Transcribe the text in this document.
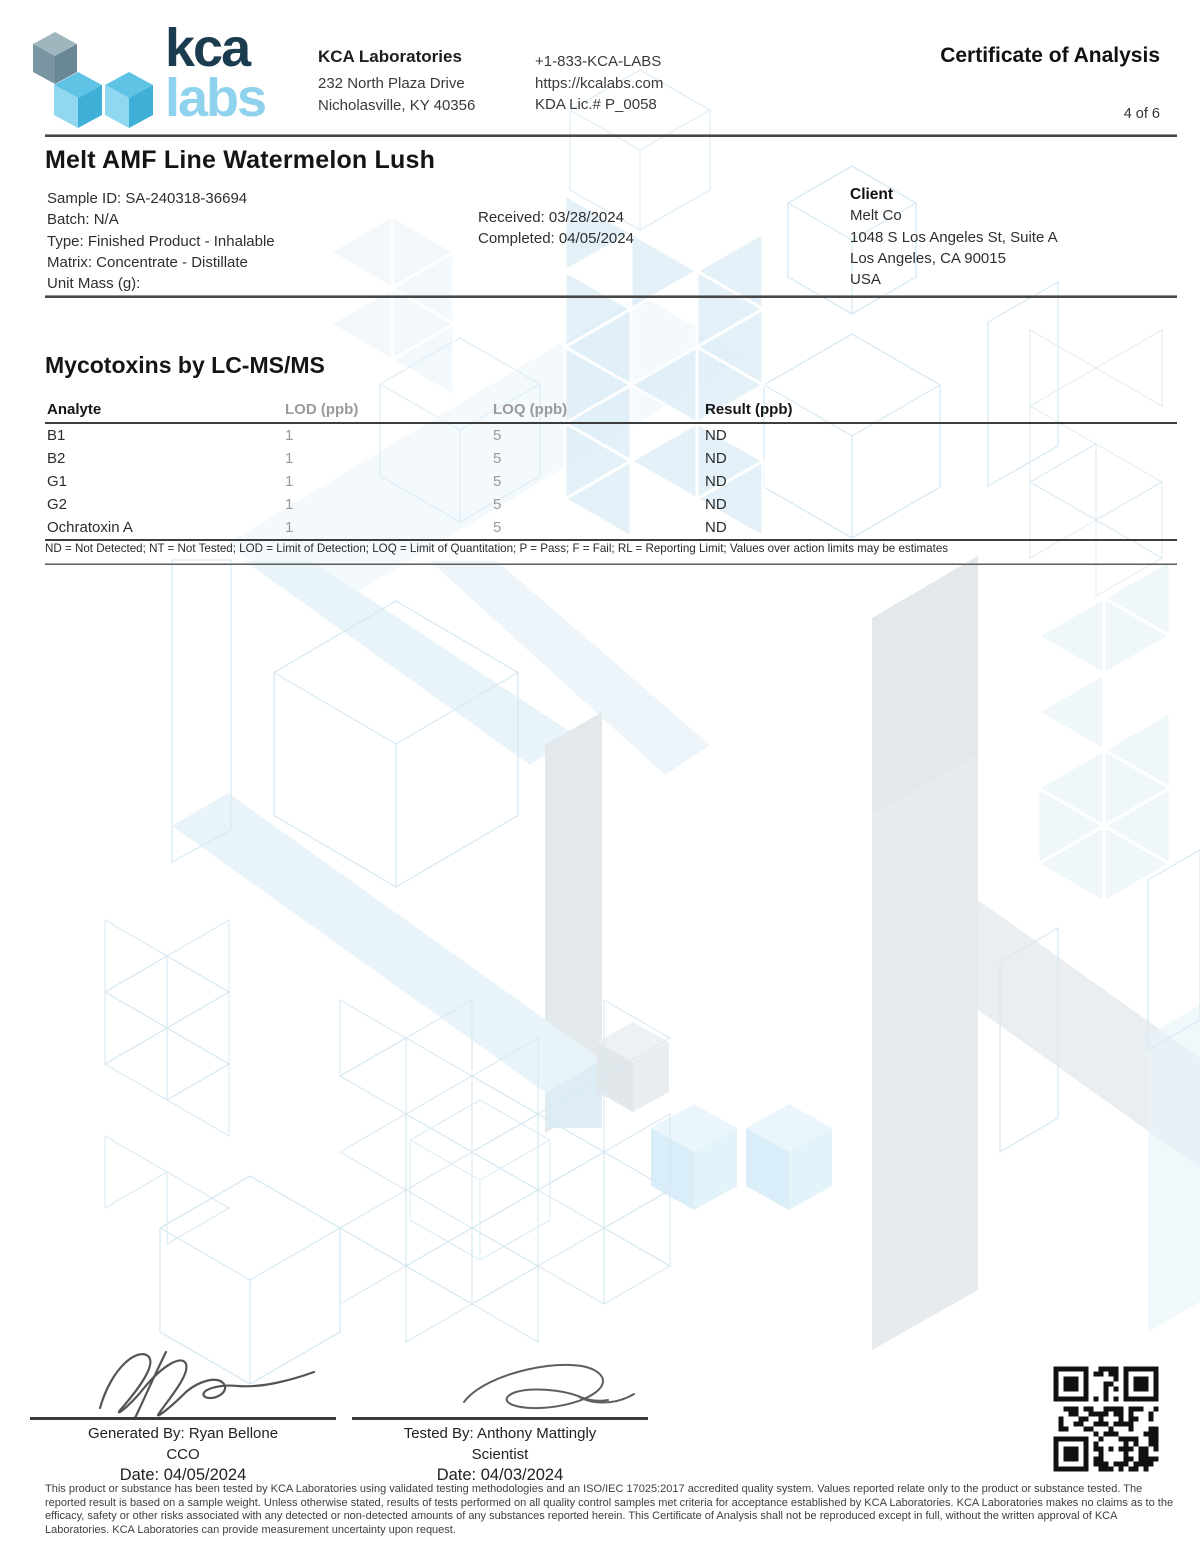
kca
labs
KCA Laboratories
232 North Plaza Drive
Nicholasville, KY 40356
+1-833-KCA-LABS
https://kcalabs.com
KDA Lic.# P_0058
Certificate of Analysis
4 of 6
Melt AMF Line Watermelon Lush
Sample ID: SA-240318-36694
Batch: N/A
Type: Finished Product - Inhalable
Matrix: Concentrate - Distillate
Unit Mass (g):
Received: 03/28/2024
Completed: 04/05/2024
Client
Melt Co
1048 S Los Angeles St, Suite A
Los Angeles, CA 90015
USA
Mycotoxins by LC-MS/MS
Analyte	LOD (ppb)	LOQ (ppb)	Result (ppb)
B1	1	5	ND
B2	1	5	ND
G1	1	5	ND
G2	1	5	ND
Ochratoxin A	1	5	ND
ND = Not Detected; NT = Not Tested; LOD = Limit of Detection; LOQ = Limit of Quantitation; P = Pass; F = Fail; RL = Reporting Limit; Values over action limits may be estimates
Generated By: Ryan Bellone
CCO
Date: 04/05/2024
Tested By: Anthony Mattingly
Scientist
Date: 04/03/2024
This product or substance has been tested by KCA Laboratories using validated testing methodologies and an ISO/IEC 17025:2017 accredited quality system. Values reported relate only to the product or substance tested. The reported result is based on a sample weight. Unless otherwise stated, results of tests performed on all quality control samples met criteria for acceptance established by KCA Laboratories. KCA Laboratories makes no claims as to the efficacy, safety or other risks associated with any detected or non-detected amounts of any substances reported herein. This Certificate of Analysis shall not be reproduced except in full, without the written approval of KCA Laboratories. KCA Laboratories can provide measurement uncertainty upon request.
